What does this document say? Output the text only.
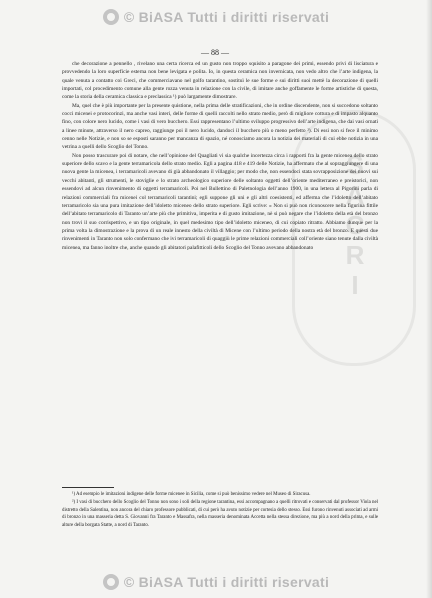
© BiASA Tutti i diritti riservati
S
A
C
R
I
— 88 —

che decorazione a pennello , rivelano una certa ricerca ed un gusto non troppo squisito a paragone dei primi, essendo privi di lisciatura e provvedendo la loro superficie esterna non bene levigata e polita. Io, in questa ceramica non invernicata, non vedo altro che l’arte indigena, la quale venuta a contatto coi Greci, che commerciavano nel golfo tarantino, sostituì le sue forme e sui diritti suoi mettè la decorazione di quelli importati, col procedimento comune alla gente rozza venuta in relazione con la civile, di imitare anche goffamente le forme artistiche di questa, come la storia della ceramica classica e preclassica ¹) può largamente dimostrare.

Ma, quel che è più importante per la presente quistione, nella prima delle stratificazioni, che in ordine discendente, non si succedono soltanto cocci micenei e protocorinzi, ma anche vasi interi, delle forme di quelli raccolti nello strato medio, però di migliore cottura e di impasto alquanto fino, con colore nero lucido, come i vasi di vero bucchero. Essi rappresentano l’ultimo sviluppo progressivo dell’arte indigena, che dai vasi ornati a linee minute, attraverso il nero capreo, raggiunge poi il nero lucido, dandoci il bucchero più o meno perfetto ²). Di essi non si fece il minimo cenno nelle Notizie, e non so se esposti saranno per mancanza di spazio, né conosciamo ancora la notizia dei materiali di cui ebbe notizia in una vetrina a quelli dello Scoglio del Tonno.

Non posso trascurare poi di notare, che nell’opinione del Quagliati vi sia qualche incertezza circa i rapporti fra la gente micenea dello strato superiore dello scavo e la gente terramaricola dello strato medio. Egli a pagina 418 e 419 delle Notizie, ha affermato che al sopraggiungere di una nuova gente la micenea, i terramaricoli avevano di già abbandonato il villaggio; per modo che, non essendoci stata sovrapposizione dei nuovi sui vecchi abitanti, gli strumenti, le stoviglie e lo strato archeologico superiore delle soltanto oggetti dell’oriente mediterraneo e preistorici, non essendovi ad alcun rinvenimento di oggetti terramaricoli. Poi nel Bullettino di Paletnologia dell’anno 1900, in una lettera al Pigorini parla di relazioni commerciali fra micenei col terramaricoli tarantini; egli suppone gli uni e gli altri coesistenti, ed afferma che l’idoletto dell’abitato terramaricolo sia una pura imitazione dell’idoletto miceneo dello strato superiore. Egli scrive: « Non si può non riconoscere nella figurina fittile dell’abitato terramaricolo di Taranto un’arte più che primitiva, imperita e di gusto imitazione, nè si può negare che l’idoletto della età del bronzo non trovi il suo corrispettivo, e un tipo originale, in quel medesimo tipo dell’idoletto miceneo, di cui copiato ritratto. Abbiamo dunque per la prima volta la dimostrazione e la prova di un reale innesto della civiltà di Micene con l’ultimo periodo della nostra età del bronzo. E questi due rinvenimenti in Taranto non solo confermano che ivi terramaricoli di quaggiù le prime relazioni commerciali coll’oriente siano tenute dalla civiltà micenea, ma fanno inoltre che, anche quando gli abitatori palafitticoli dello Scoglio del Tonno avevano abbandonato

¹) Ad esempio le imitazioni indigene delle forme micenee in Sicilia, come si può benissimo vedere nel Museo di Siracusa.

²) I vasi di bucchero dello Scoglio del Tonno non sono i soli della regione tarantina, essi accompagnano a quelli ritrovati e conservati dal professor Viola nel distretto della Salentina, non ancora del chiaro professore pubblicati, di cui però ha avuto notizie per cortesia dello stesso. Essi furono rinvenuti associati ad armi di bronzo in una masseria detta S. Giovanni fra Taranto e Massafra, nella masseria denominata Accetta nella stessa direzione, ma più a nord della prima, e sulle alture della borgata Statte, a nord di Taranto.

© BiASA Tutti i diritti riservati
